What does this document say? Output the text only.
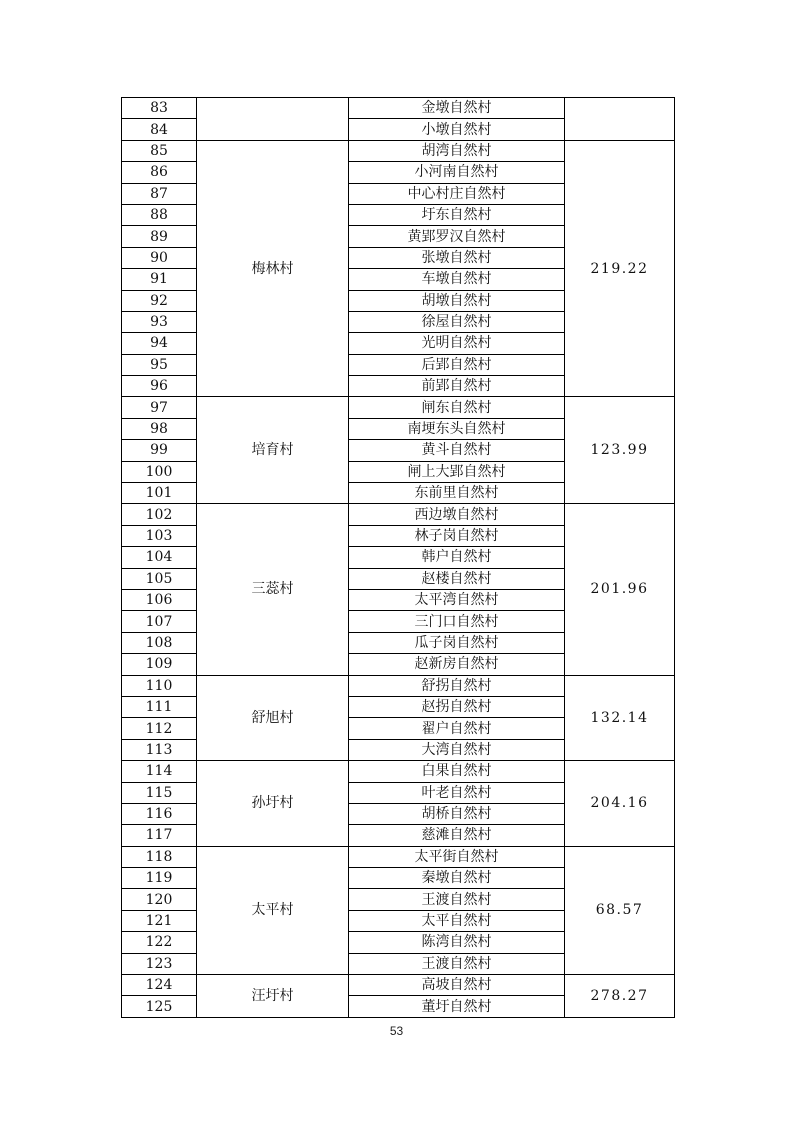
83		金墩自然村	
84		小墩自然村	
85	梅林村	胡湾自然村	219.22
86		小河南自然村	
87		中心村庄自然村	
88		圩东自然村	
89		黄郢罗汉自然村	
90		张墩自然村	
91		车墩自然村	
92		胡墩自然村	
93		徐屋自然村	
94		光明自然村	
95		后郢自然村	
96		前郢自然村	
97	培育村	闸东自然村	123.99
98		南埂东头自然村	
99		黄斗自然村	
100		闸上大郢自然村	
101		东前里自然村	
102	三蕊村	西边墩自然村	201.96
103		林子岗自然村	
104		韩户自然村	
105		赵楼自然村	
106		太平湾自然村	
107		三门口自然村	
108		瓜子岗自然村	
109		赵新房自然村	
110	舒旭村	舒拐自然村	132.14
111		赵拐自然村	
112		翟户自然村	
113		大湾自然村	
114	孙圩村	白果自然村	204.16
115		叶老自然村	
116		胡桥自然村	
117		慈滩自然村	
118	太平村	太平街自然村	68.57
119		秦墩自然村	
120		王渡自然村	
121		太平自然村	
122		陈湾自然村	
123		王渡自然村	
124	汪圩村	高坡自然村	278.27
125		董圩自然村	
53
